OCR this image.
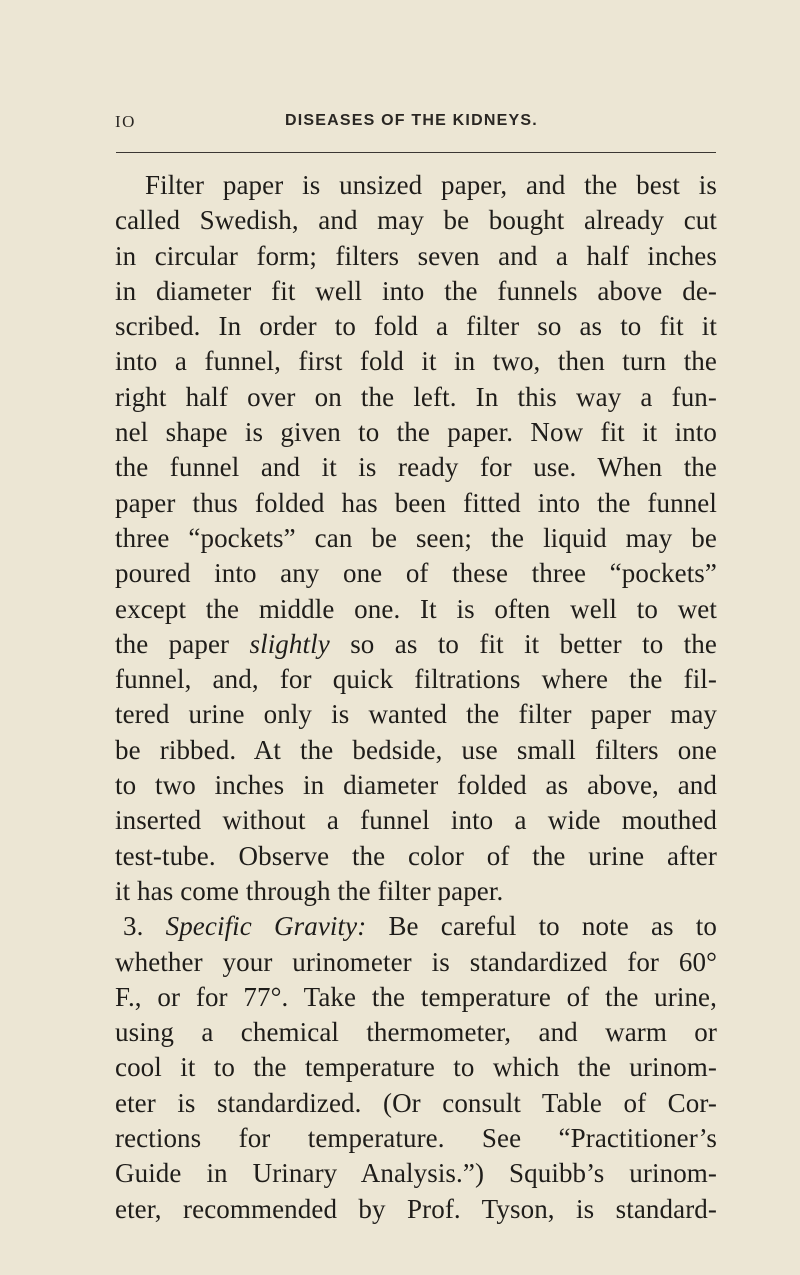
IO	DISEASES OF THE KIDNEYS.
Filter paper is unsized paper, and the best is
called Swedish, and may be bought already cut
in circular form; filters seven and a half inches
in diameter fit well into the funnels above de-
scribed. In order to fold a filter so as to fit it
into a funnel, first fold it in two, then turn the
right half over on the left. In this way a fun-
nel shape is given to the paper. Now fit it into
the funnel and it is ready for use. When the
paper thus folded has been fitted into the funnel
three “pockets” can be seen; the liquid may be
poured into any one of these three “pockets”
except the middle one. It is often well to wet
the paper slightly so as to fit it better to the
funnel, and, for quick filtrations where the fil-
tered urine only is wanted the filter paper may
be ribbed. At the bedside, use small filters one
to two inches in diameter folded as above, and
inserted without a funnel into a wide mouthed
test-tube. Observe the color of the urine after
it has come through the filter paper.
3. Specific Gravity: Be careful to note as to
whether your urinometer is standardized for 60°
F., or for 77°. Take the temperature of the urine,
using a chemical thermometer, and warm or
cool it to the temperature to which the urinom-
eter is standardized. (Or consult Table of Cor-
rections for temperature. See “Practitioner’s
Guide in Urinary Analysis.”) Squibb’s urinom-
eter, recommended by Prof. Tyson, is standard-
